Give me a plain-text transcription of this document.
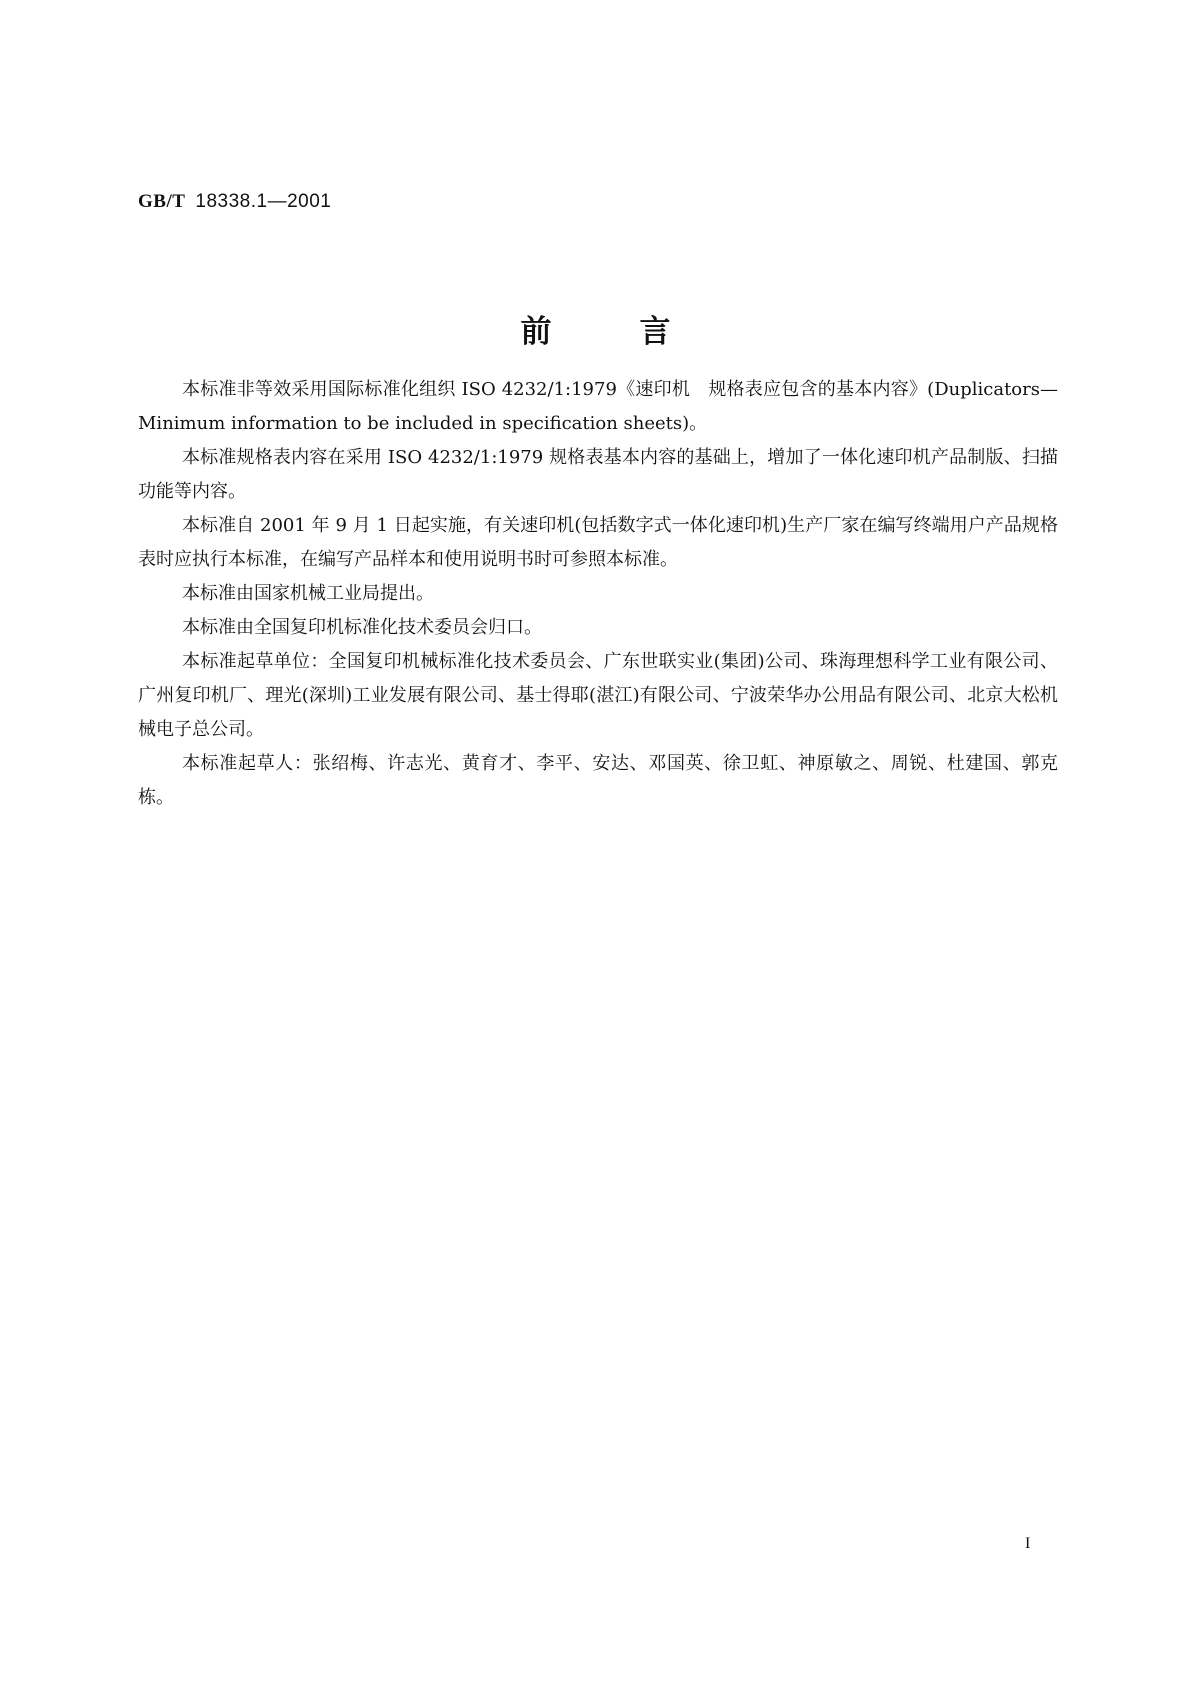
GB/T 18338.1—2001
前言

本标准非等效采用国际标准化组织 ISO 4232/1:1979《速印机　规格表应包含的基本内容》(Duplicators—Minimum information to be included in specification sheets)。

本标准规格表内容在采用 ISO 4232/1:1979 规格表基本内容的基础上，增加了一体化速印机产品制版、扫描功能等内容。

本标准自 2001 年 9 月 1 日起实施，有关速印机(包括数字式一体化速印机)生产厂家在编写终端用户产品规格表时应执行本标准，在编写产品样本和使用说明书时可参照本标准。

本标准由国家机械工业局提出。

本标准由全国复印机标准化技术委员会归口。

本标准起草单位：全国复印机械标准化技术委员会、广东世联实业(集团)公司、珠海理想科学工业有限公司、广州复印机厂、理光(深圳)工业发展有限公司、基士得耶(湛江)有限公司、宁波荣华办公用品有限公司、北京大松机械电子总公司。

本标准起草人：张绍梅、许志光、黄育才、李平、安达、邓国英、徐卫虹、神原敏之、周锐、杜建国、郭克栋。

I
